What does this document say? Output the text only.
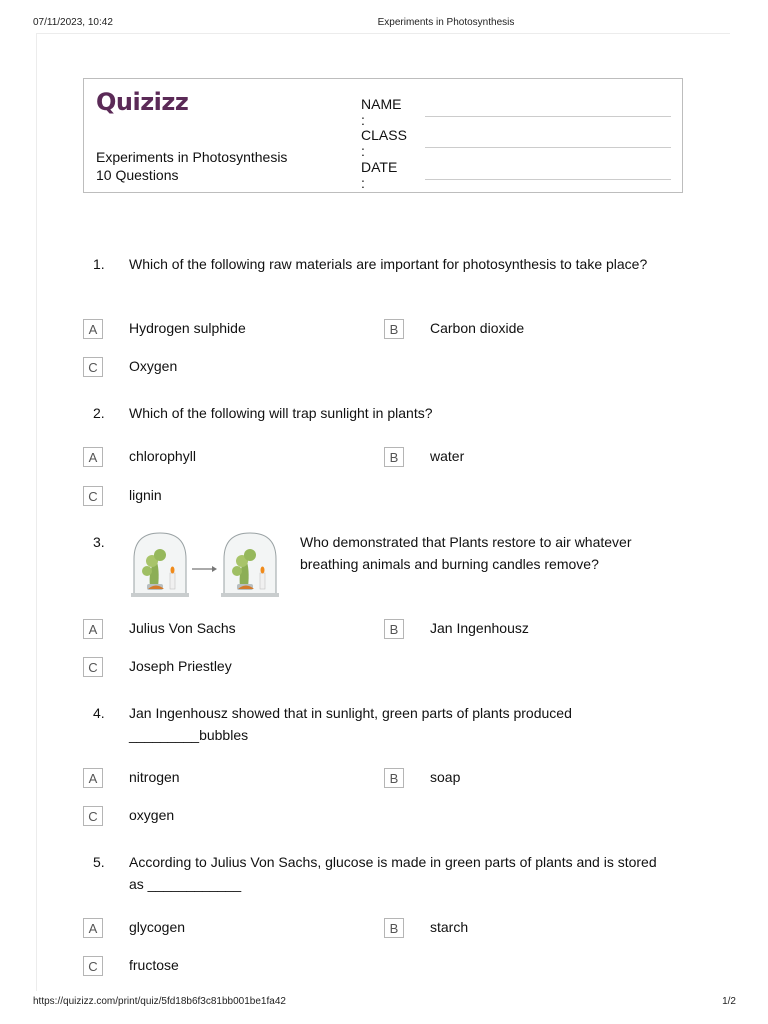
07/11/2023, 10:42	Experiments in Photosynthesis
Quizizz
Experiments in Photosynthesis
10 Questions
NAME :
CLASS :
DATE :
1. Which of the following raw materials are important for photosynthesis to take place?
A	Hydrogen sulphide	B	Carbon dioxide
C	Oxygen
2. Which of the following will trap sunlight in plants?
A	chlorophyll	B	water
C	lignin
3.	Who demonstrated that Plants restore to air whatever breathing animals and burning candles remove?
A	Julius Von Sachs	B	Jan Ingenhousz
C	Joseph Priestley
4. Jan Ingenhousz showed that in sunlight, green parts of plants produced _________bubbles
A	nitrogen	B	soap
C	oxygen
5. According to Julius Von Sachs, glucose is made in green parts of plants and is stored as ____________
A	glycogen	B	starch
C	fructose
https://quizizz.com/print/quiz/5fd18b6f3c81bb001be1fa42	1/2
